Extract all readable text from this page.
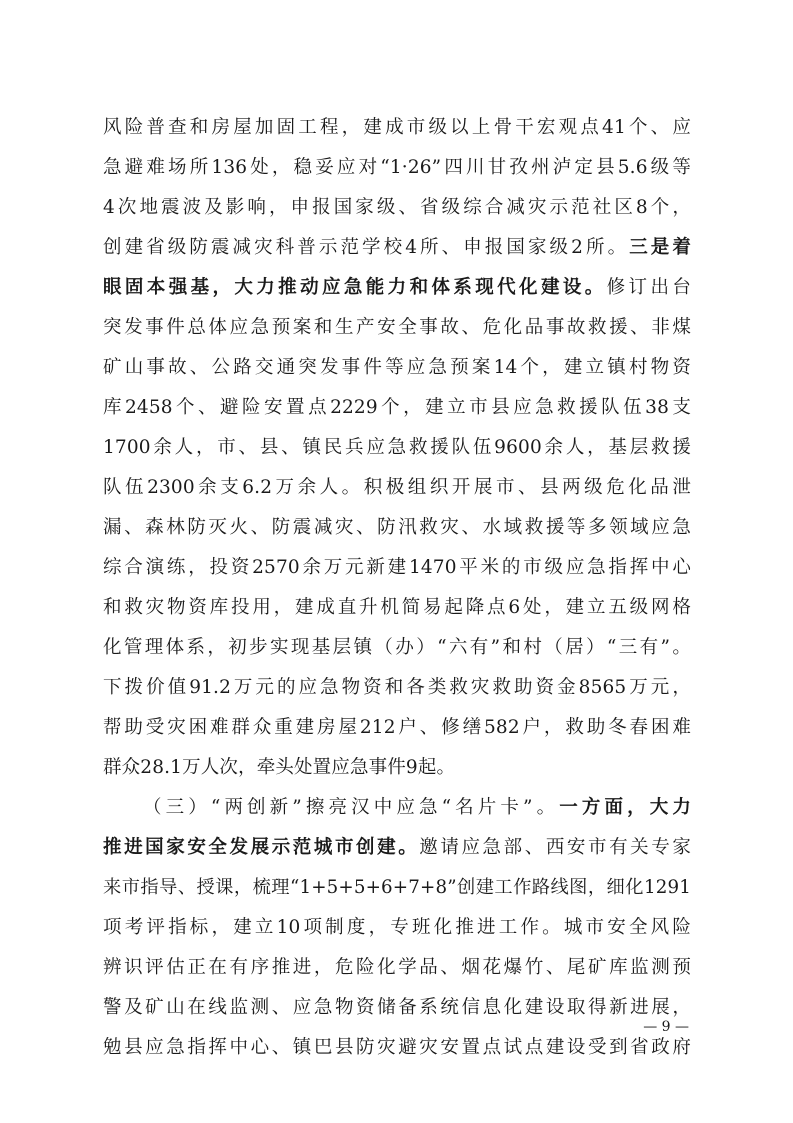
风险普查和房屋加固工程，建成市级以上骨干宏观点41个、应
急避难场所136处，稳妥应对“1·26”四川甘孜州泸定县5.6级等
4次地震波及影响，申报国家级、省级综合减灾示范社区8个，
创建省级防震减灾科普示范学校4所、申报国家级2所。三是着
眼固本强基，大力推动应急能力和体系现代化建设。修订出台
突发事件总体应急预案和生产安全事故、危化品事故救援、非煤
矿山事故、公路交通突发事件等应急预案14个，建立镇村物资
库2458个、避险安置点2229个，建立市县应急救援队伍38支
1700余人，市、县、镇民兵应急救援队伍9600余人，基层救援
队伍2300余支6.2万余人。积极组织开展市、县两级危化品泄
漏、森林防灭火、防震减灾、防汛救灾、水域救援等多领域应急
综合演练，投资2570余万元新建1470平米的市级应急指挥中心
和救灾物资库投用，建成直升机简易起降点6处，建立五级网格
化管理体系，初步实现基层镇（办）“六有”和村（居）“三有”。
下拨价值91.2万元的应急物资和各类救灾救助资金8565万元，
帮助受灾困难群众重建房屋212户、修缮582户，救助冬春困难
群众28.1万人次，牵头处置应急事件9起。
（三）“两创新”擦亮汉中应急“名片卡”。一方面，大力
推进国家安全发展示范城市创建。邀请应急部、西安市有关专家
来市指导、授课，梳理“1+5+5+6+7+8”创建工作路线图，细化1291
项考评指标，建立10项制度，专班化推进工作。城市安全风险
辨识评估正在有序推进，危险化学品、烟花爆竹、尾矿库监测预
警及矿山在线监测、应急物资储备系统信息化建设取得新进展，
勉县应急指挥中心、镇巴县防灾避灾安置点试点建设受到省政府
— 9 —
